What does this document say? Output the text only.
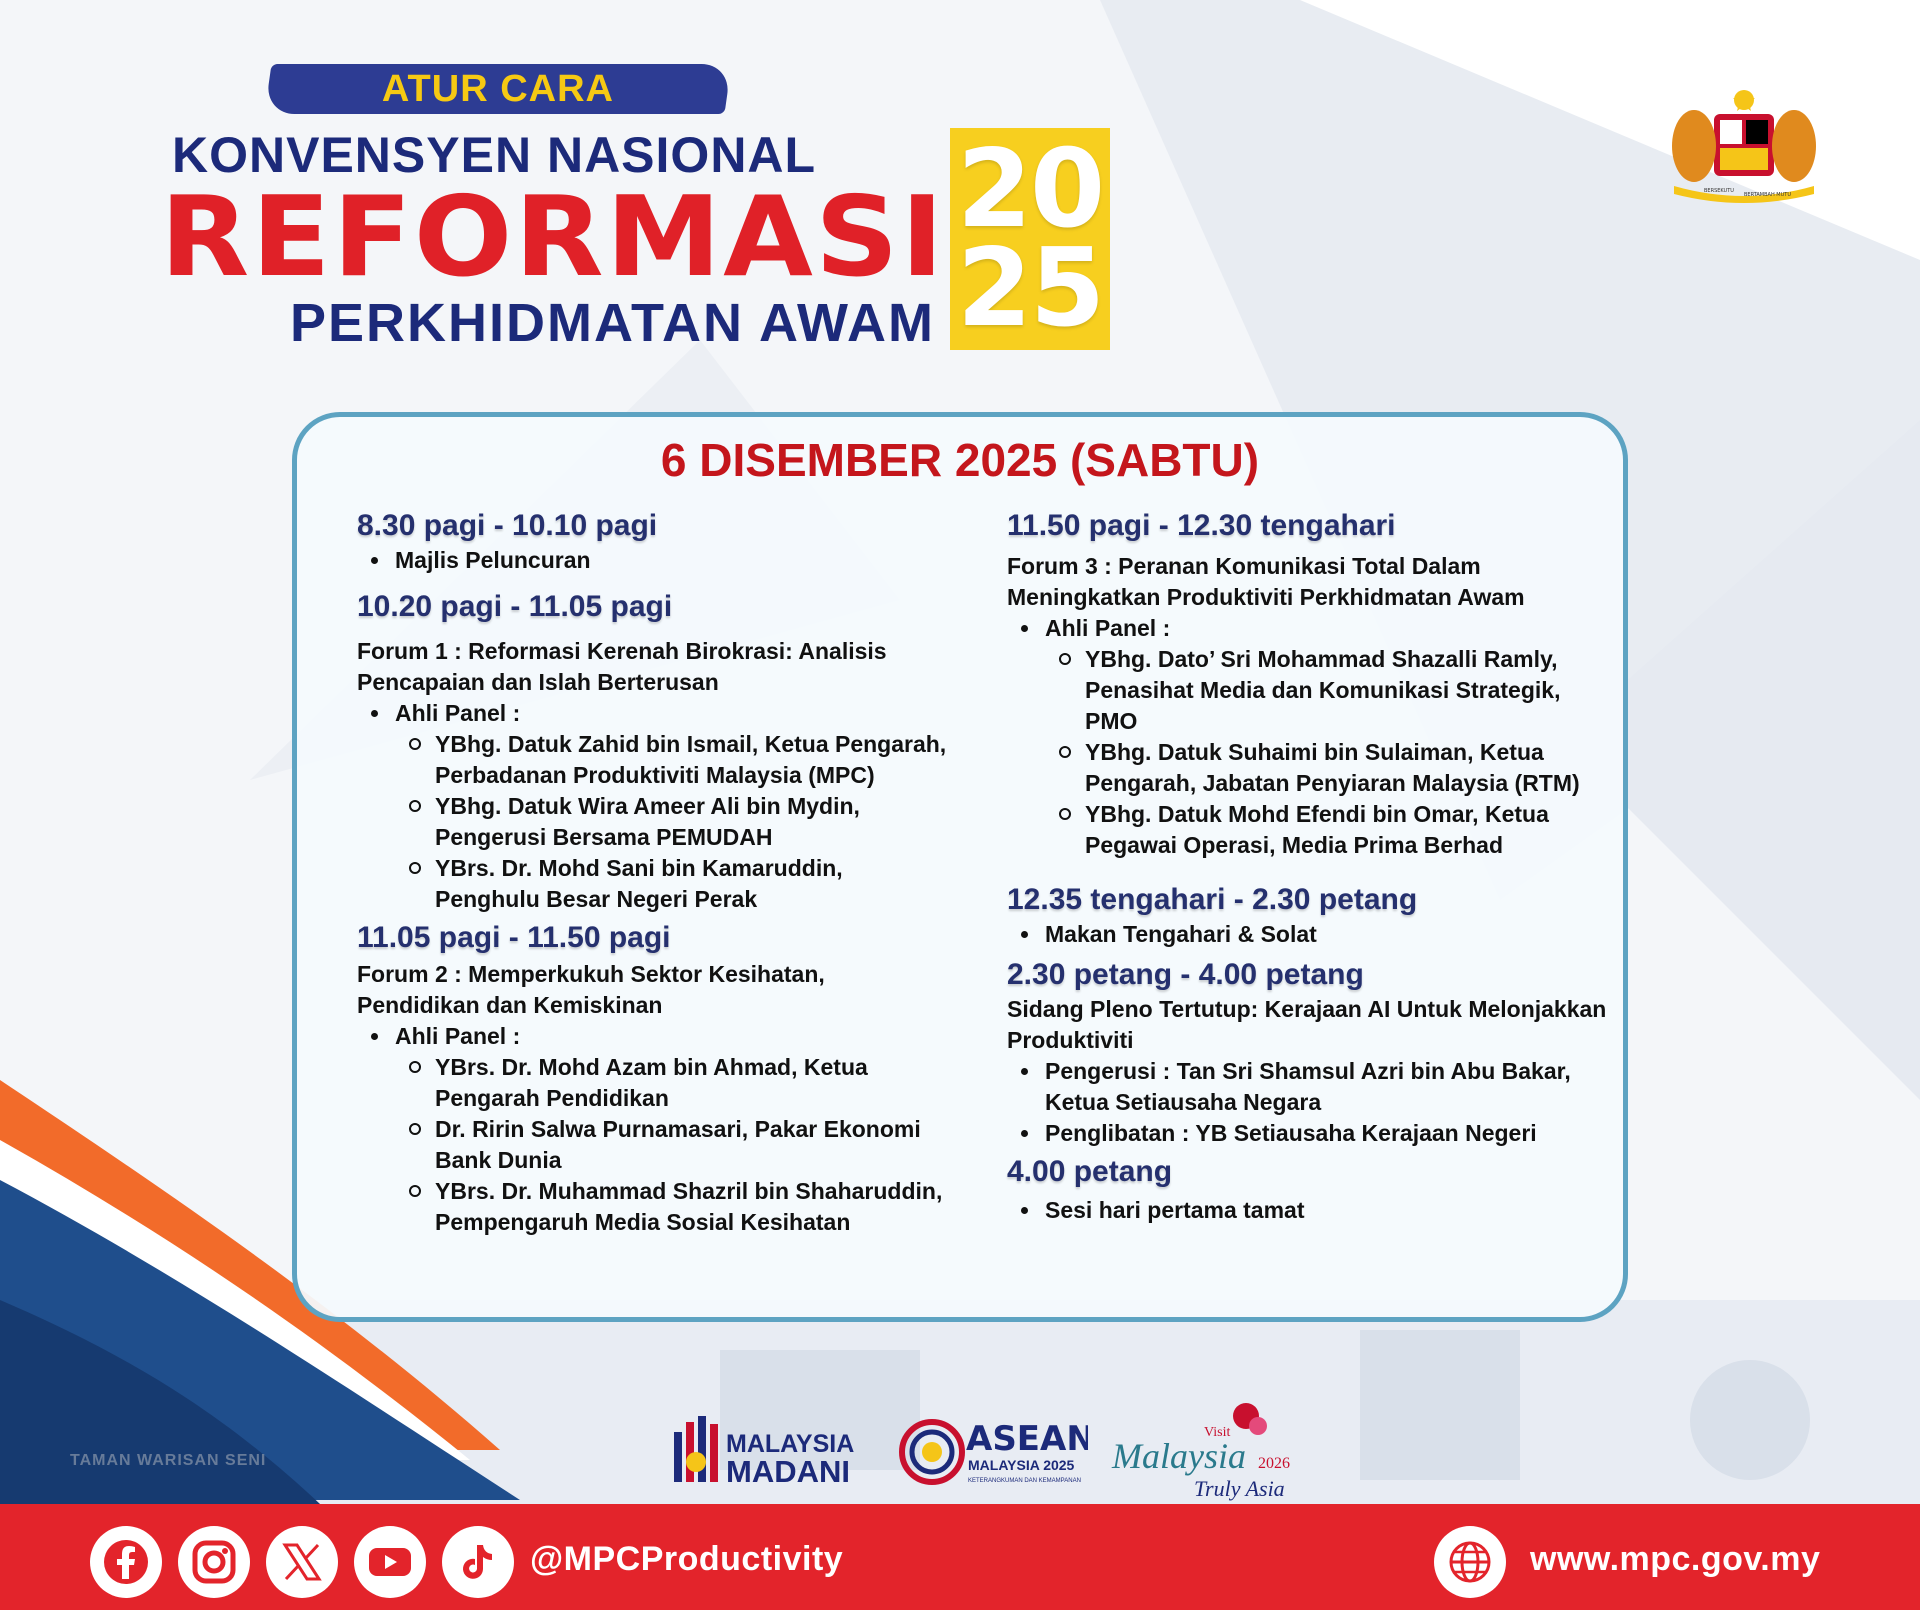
TAMAN WARISAN SENI
ATUR CARA
KONVENSYEN NASIONAL
REFORMASI
PERKHIDMATAN AWAM
20
25
BERSEKUTU
BERTAMBAH MUTU
6 DISEMBER 2025 (SABTU)
8.30 pagi - 10.10 pagi
Majlis Peluncuran
10.20 pagi - 11.05 pagi
Forum 1 : Reformasi Kerenah Birokrasi: Analisis Pencapaian dan Islah Berterusan
Ahli Panel :
YBhg. Datuk Zahid bin Ismail, Ketua Pengarah, Perbadanan Produktiviti Malaysia (MPC)
YBhg. Datuk Wira Ameer Ali bin Mydin, Pengerusi Bersama PEMUDAH
YBrs. Dr. Mohd Sani bin Kamaruddin, Penghulu Besar Negeri Perak
11.05 pagi - 11.50 pagi
Forum 2 : Memperkukuh Sektor Kesihatan, Pendidikan dan Kemiskinan
Ahli Panel :
YBrs. Dr. Mohd Azam bin Ahmad, Ketua Pengarah Pendidikan
Dr. Ririn Salwa Purnamasari, Pakar Ekonomi Bank Dunia
YBrs. Dr. Muhammad Shazril bin Shaharuddin, Pempengaruh Media Sosial Kesihatan
11.50 pagi - 12.30 tengahari
Forum 3 : Peranan Komunikasi Total Dalam Meningkatkan Produktiviti Perkhidmatan Awam
Ahli Panel :
YBhg. Dato’ Sri Mohammad Shazalli Ramly, Penasihat Media dan Komunikasi Strategik, PMO
YBhg. Datuk Suhaimi bin Sulaiman, Ketua Pengarah, Jabatan Penyiaran Malaysia (RTM)
YBhg. Datuk Mohd Efendi bin Omar, Ketua Pegawai Operasi, Media Prima Berhad
12.35 tengahari - 2.30 petang
Makan Tengahari & Solat
2.30 petang - 4.00 petang
Sidang Pleno Tertutup: Kerajaan AI Untuk Melonjakkan Produktiviti
Pengerusi : Tan Sri Shamsul Azri bin Abu Bakar, Ketua Setiausaha Negara
Penglibatan : YB Setiausaha Kerajaan Negeri
4.00 petang
Sesi hari pertama tamat
MALAYSIA
MADANI
ASEAN
MALAYSIA 2025
KETERANGKUMAN DAN KEMAMPANAN
Visit
Malaysia 2026
Truly Asia
@MPCProductivity	www.mpc.gov.my
